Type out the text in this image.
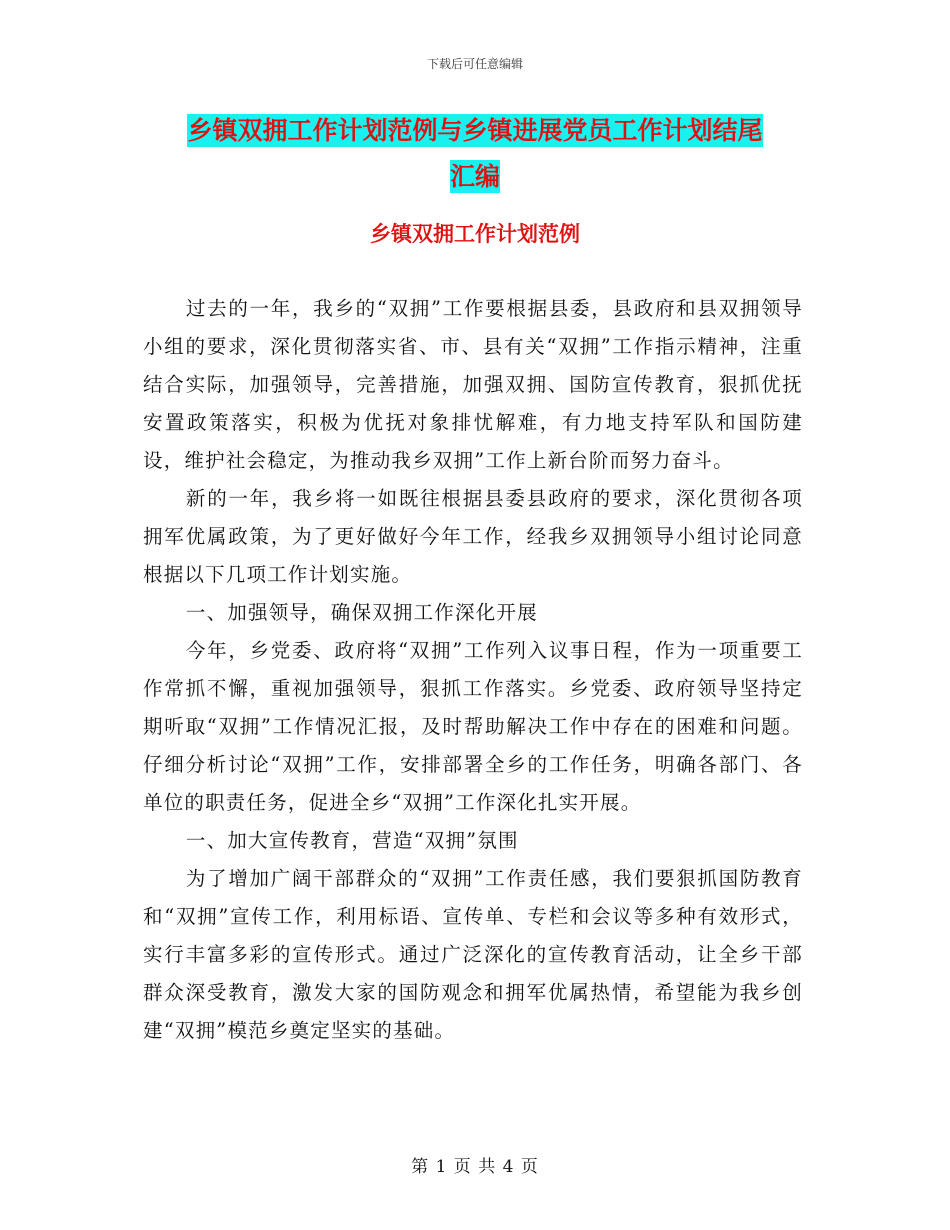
下载后可任意编辑
乡镇双拥工作计划范例与乡镇进展党员工作计划结尾
汇编
乡镇双拥工作计划范例

过去的一年，我乡的“双拥”工作要根据县委，县政府和县双拥领导小组的要求，深化贯彻落实省、市、县有关“双拥”工作指示精神，注重结合实际，加强领导，完善措施，加强双拥、国防宣传教育，狠抓优抚安置政策落实，积极为优抚对象排忧解难，有力地支持军队和国防建设，维护社会稳定，为推动我乡双拥”工作上新台阶而努力奋斗。

新的一年，我乡将一如既往根据县委县政府的要求，深化贯彻各项拥军优属政策，为了更好做好今年工作，经我乡双拥领导小组讨论同意根据以下几项工作计划实施。

一、加强领导，确保双拥工作深化开展

今年，乡党委、政府将“双拥”工作列入议事日程，作为一项重要工作常抓不懈，重视加强领导，狠抓工作落实。乡党委、政府领导坚持定期听取“双拥”工作情况汇报，及时帮助解决工作中存在的困难和问题。仔细分析讨论“双拥”工作，安排部署全乡的工作任务，明确各部门、各单位的职责任务，促进全乡“双拥”工作深化扎实开展。

一、加大宣传教育，营造“双拥”氛围

为了增加广阔干部群众的“双拥”工作责任感，我们要狠抓国防教育和“双拥”宣传工作，利用标语、宣传单、专栏和会议等多种有效形式，实行丰富多彩的宣传形式。通过广泛深化的宣传教育活动，让全乡干部群众深受教育，激发大家的国防观念和拥军优属热情，希望能为我乡创建“双拥”模范乡奠定坚实的基础。

第 1 页 共 4 页
